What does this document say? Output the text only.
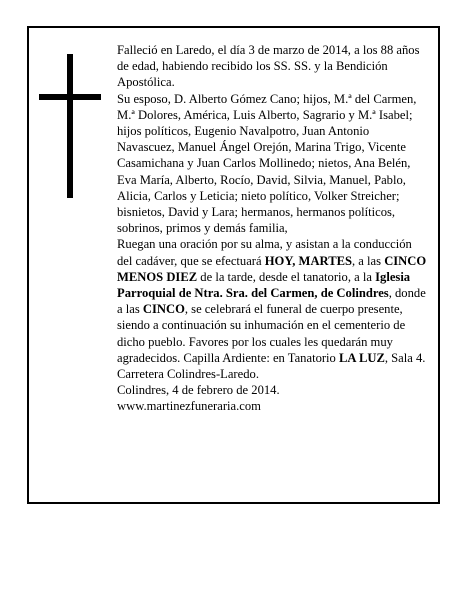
Falleció en Laredo, el día 3 de marzo de 2014, a los 88 años de edad, habiendo recibido los SS. SS. y la Bendición Apostólica.

Su esposo, D. Alberto Gómez Cano; hijos, M.ª del Carmen, M.ª Dolores, América, Luis Alberto, Sagrario y M.ª Isabel; hijos políticos, Eugenio Navalpotro, Juan Antonio Navascuez, Manuel Ángel Orejón, Marina Trigo, Vicente Casamichana y Juan Carlos Mollinedo; nietos, Ana Belén, Eva María, Alberto, Rocío, David, Silvia, Manuel, Pablo, Alicia, Carlos y Leticia; nieto político, Volker Streicher; bisnietos, David y Lara; hermanos, hermanos políticos, sobrinos, primos y demás familia,

Ruegan una oración por su alma, y asistan a la conducción del cadáver, que se efectuará HOY, MARTES, a las CINCO MENOS DIEZ de la tarde, desde el tanatorio, a la Iglesia Parroquial de Ntra. Sra. del Carmen, de Colindres, donde a las CINCO, se celebrará el funeral de cuerpo presente, siendo a continuación su inhumación en el cementerio de dicho pueblo. Favores por los cuales les quedarán muy agradecidos. Capilla Ardiente: en Tanatorio LA LUZ, Sala 4. Carretera Colindres-Laredo.

Colindres, 4 de febrero de 2014.

www.martinezfuneraria.com
